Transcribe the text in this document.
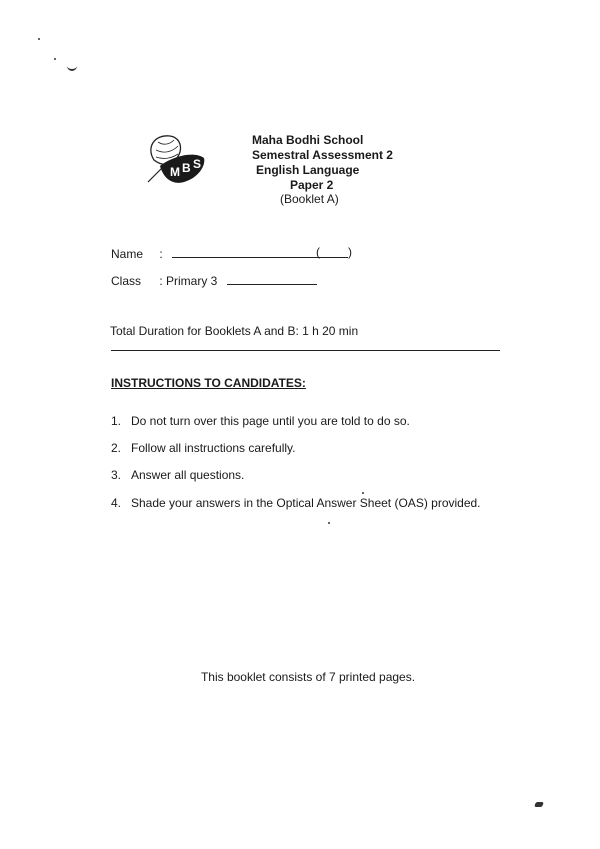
M B S
Maha Bodhi School
Semestral Assessment 2
English Language
Paper 2
(Booklet A)
Name :	( )
Class : Primary 3
Total Duration for Booklets A and B: 1 h 20 min
INSTRUCTIONS TO CANDIDATES:
1. Do not turn over this page until you are told to do so.
2. Follow all instructions carefully.
3. Answer all questions.
4. Shade your answers in the Optical Answer Sheet (OAS) provided.
This booklet consists of 7 printed pages.
